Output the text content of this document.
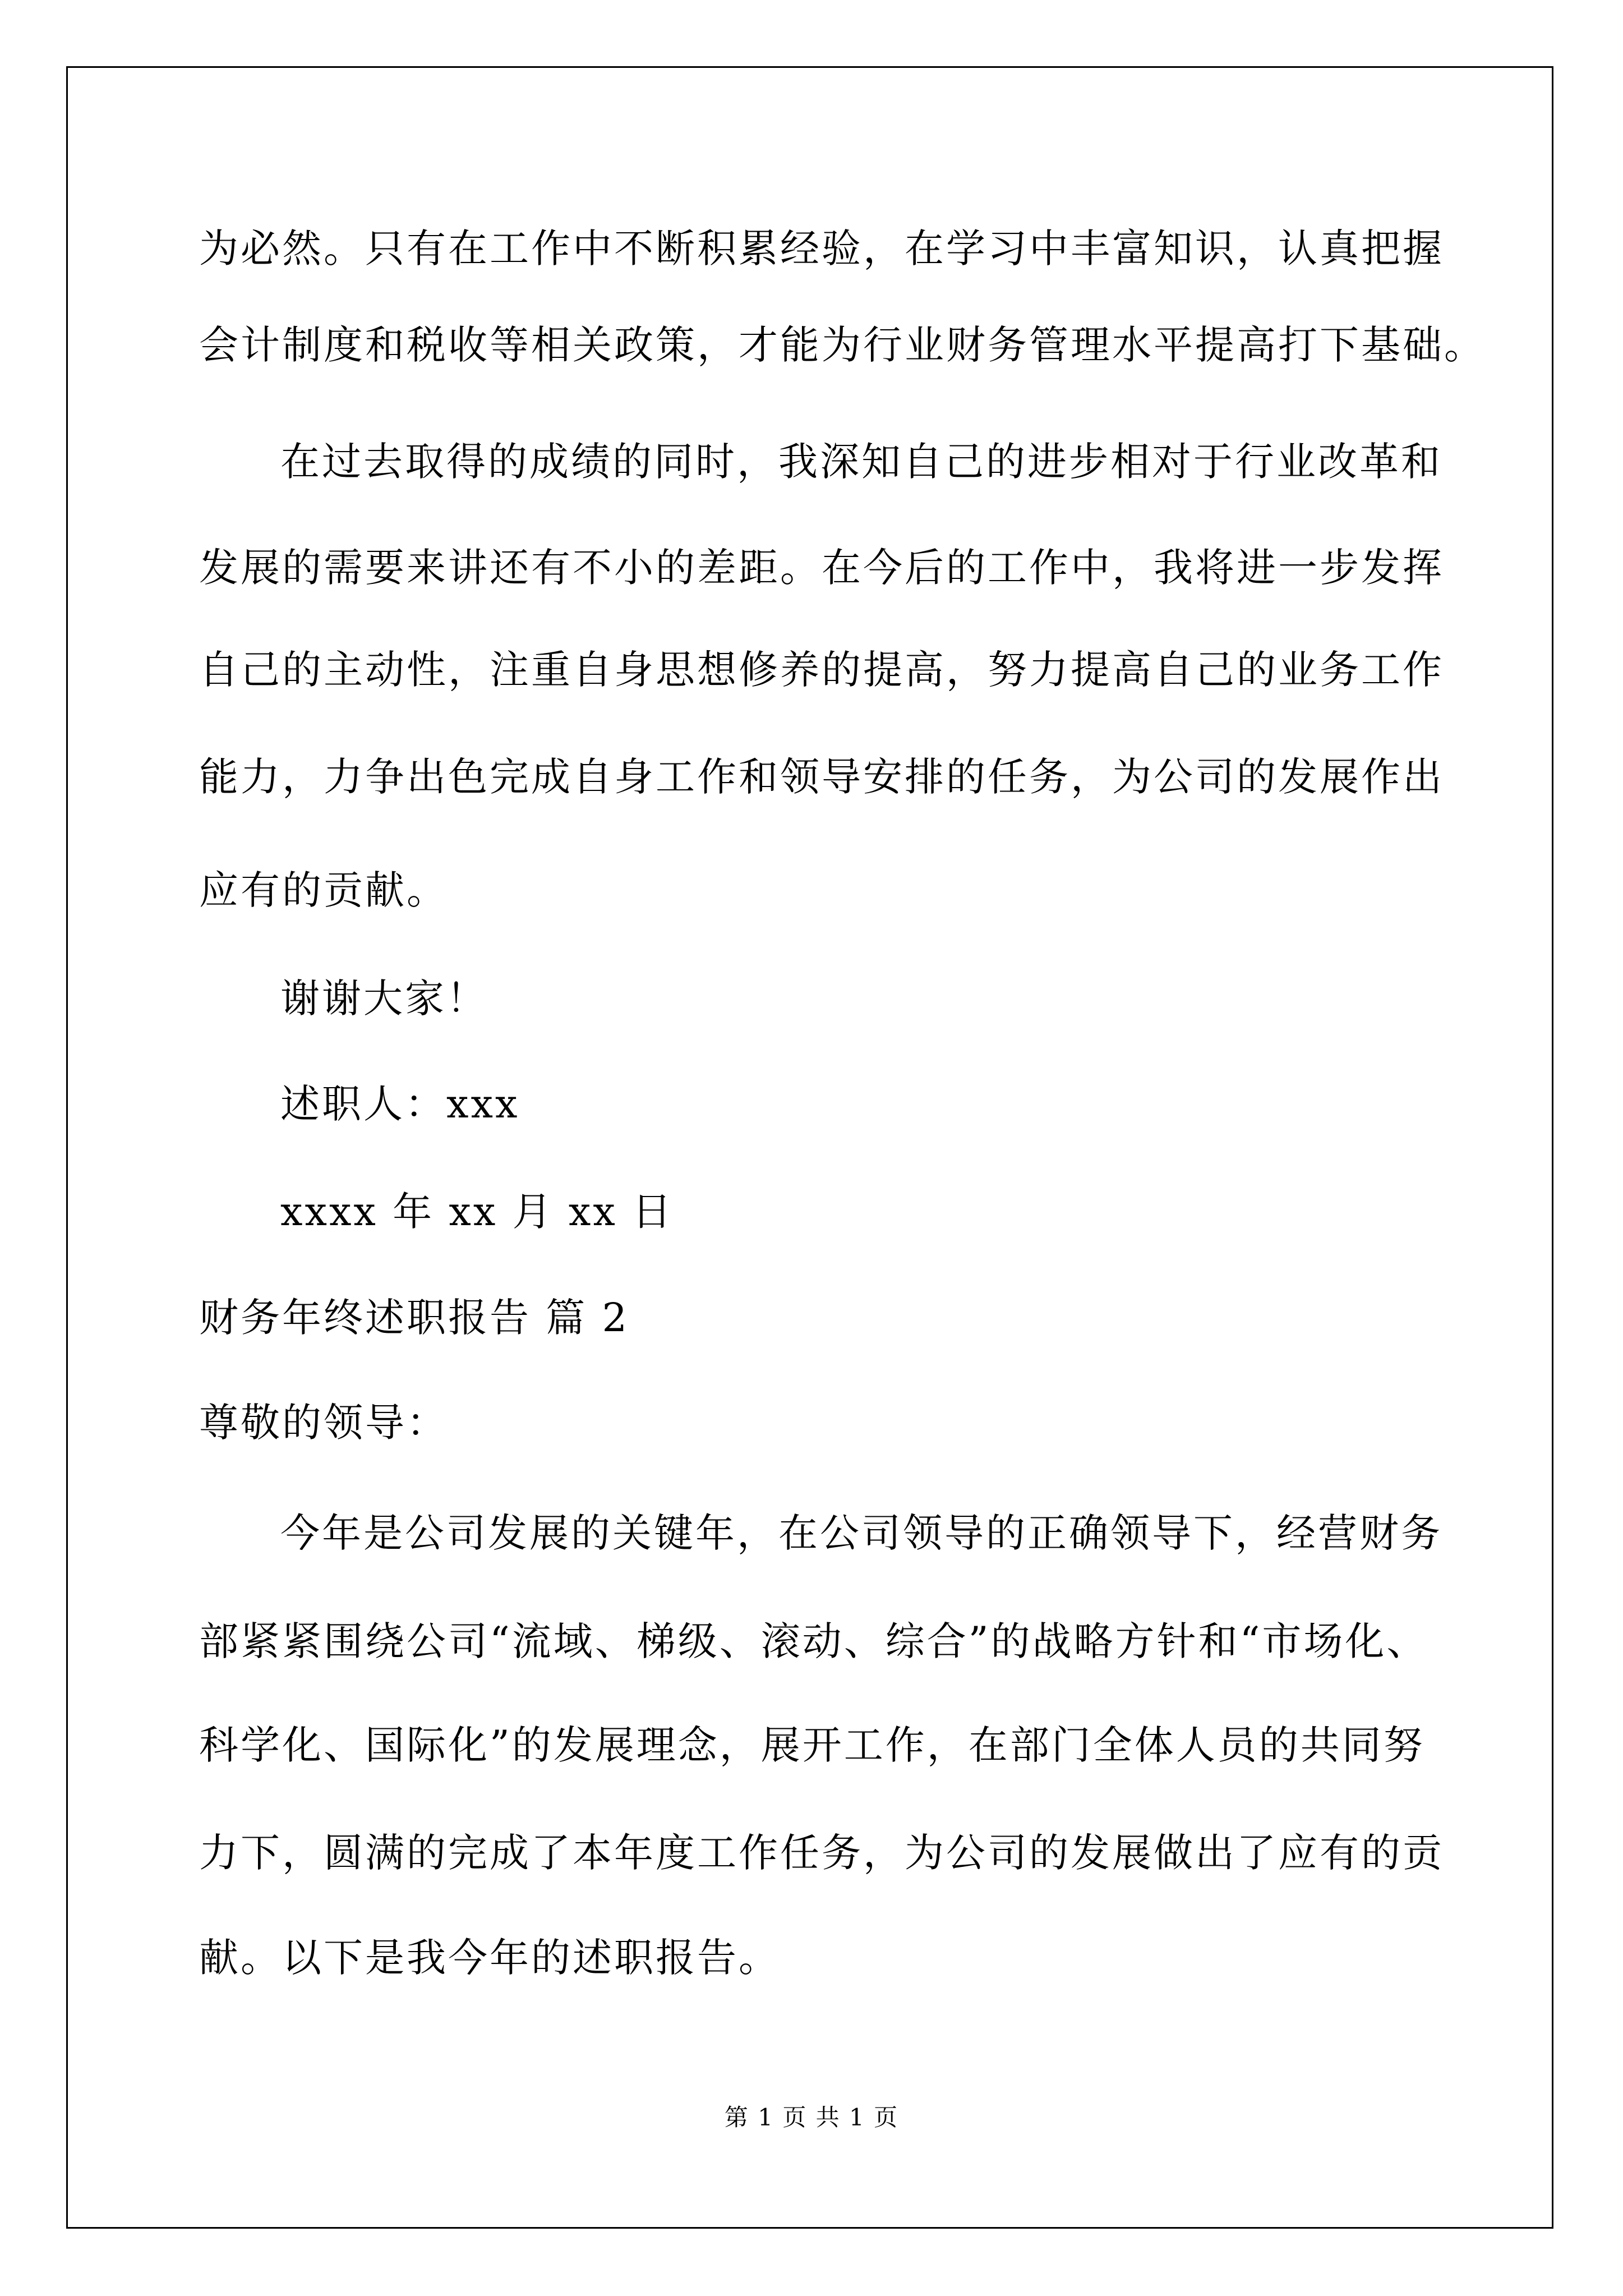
为必然。只有在工作中不断积累经验，在学习中丰富知识，认真把握
会计制度和税收等相关政策，才能为行业财务管理水平提高打下基础。
在过去取得的成绩的同时，我深知自己的进步相对于行业改革和
发展的需要来讲还有不小的差距。在今后的工作中，我将进一步发挥
自己的主动性，注重自身思想修养的提高，努力提高自己的业务工作
能力，力争出色完成自身工作和领导安排的任务，为公司的发展作出
应有的贡献。
谢谢大家！
述职人：xxx
xxxx 年 xx 月 xx 日
财务年终述职报告 篇 2
尊敬的领导：
今年是公司发展的关键年，在公司领导的正确领导下，经营财务
部紧紧围绕公司“流域、梯级、滚动、综合”的战略方针和“市场化、
科学化、国际化”的发展理念，展开工作，在部门全体人员的共同努
力下，圆满的完成了本年度工作任务，为公司的发展做出了应有的贡
献。以下是我今年的述职报告。
第 1 页 共 1 页
